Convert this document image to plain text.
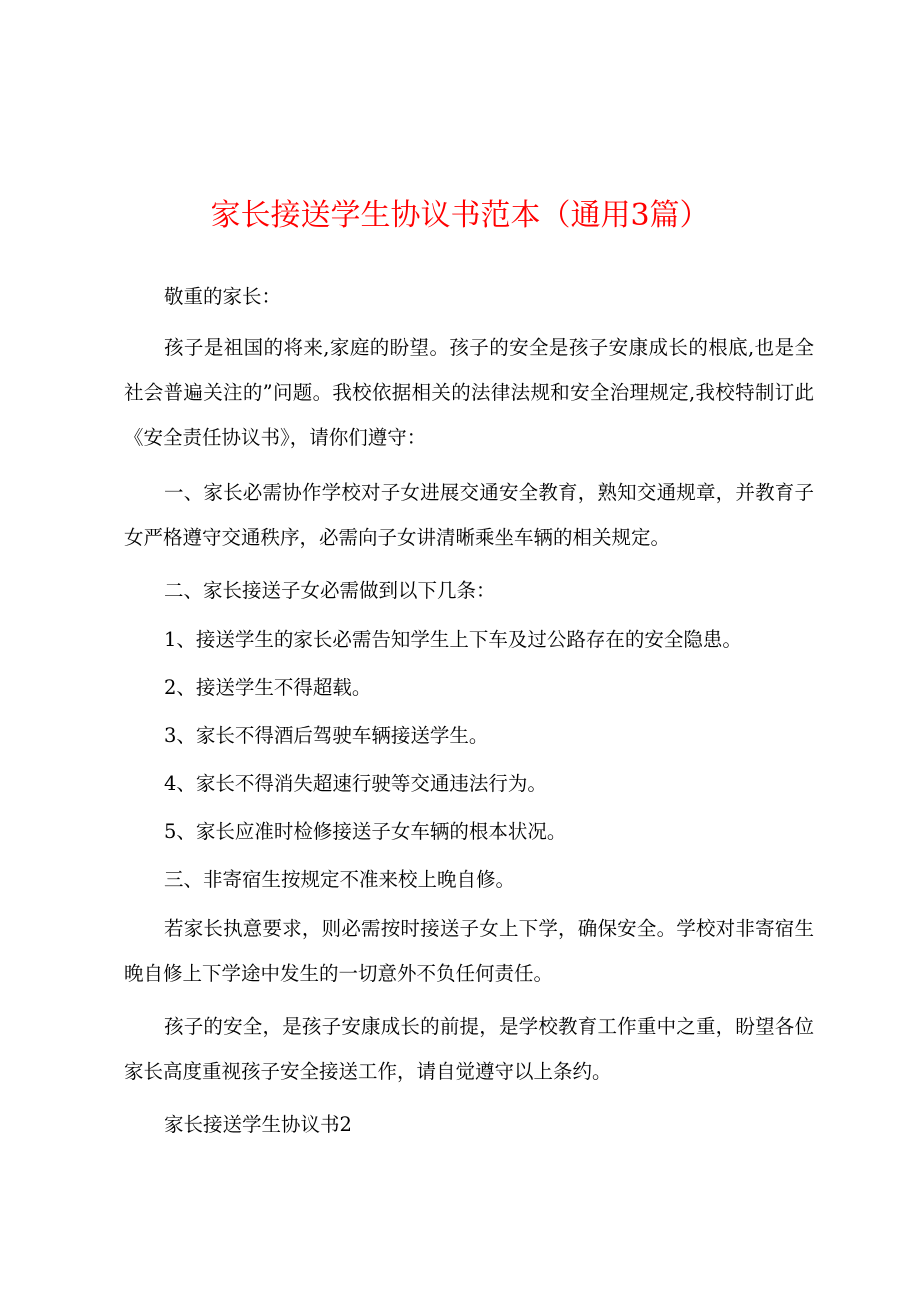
家长接送学生协议书范本（通用3篇）

敬重的家长：

孩子是祖国的将来,家庭的盼望。孩子的安全是孩子安康成长的根底,也是全社会普遍关注的”问题。我校依据相关的法律法规和安全治理规定,我校特制订此《安全责任协议书》，请你们遵守：

一、家长必需协作学校对子女进展交通安全教育，熟知交通规章，并教育子女严格遵守交通秩序，必需向子女讲清晰乘坐车辆的相关规定。

二、家长接送子女必需做到以下几条：

1、接送学生的家长必需告知学生上下车及过公路存在的安全隐患。

2、接送学生不得超载。

3、家长不得酒后驾驶车辆接送学生。

4、家长不得消失超速行驶等交通违法行为。

5、家长应准时检修接送子女车辆的根本状况。

三、非寄宿生按规定不准来校上晚自修。

若家长执意要求，则必需按时接送子女上下学，确保安全。学校对非寄宿生晚自修上下学途中发生的一切意外不负任何责任。

孩子的安全，是孩子安康成长的前提，是学校教育工作重中之重，盼望各位家长高度重视孩子安全接送工作，请自觉遵守以上条约。

家长接送学生协议书2
